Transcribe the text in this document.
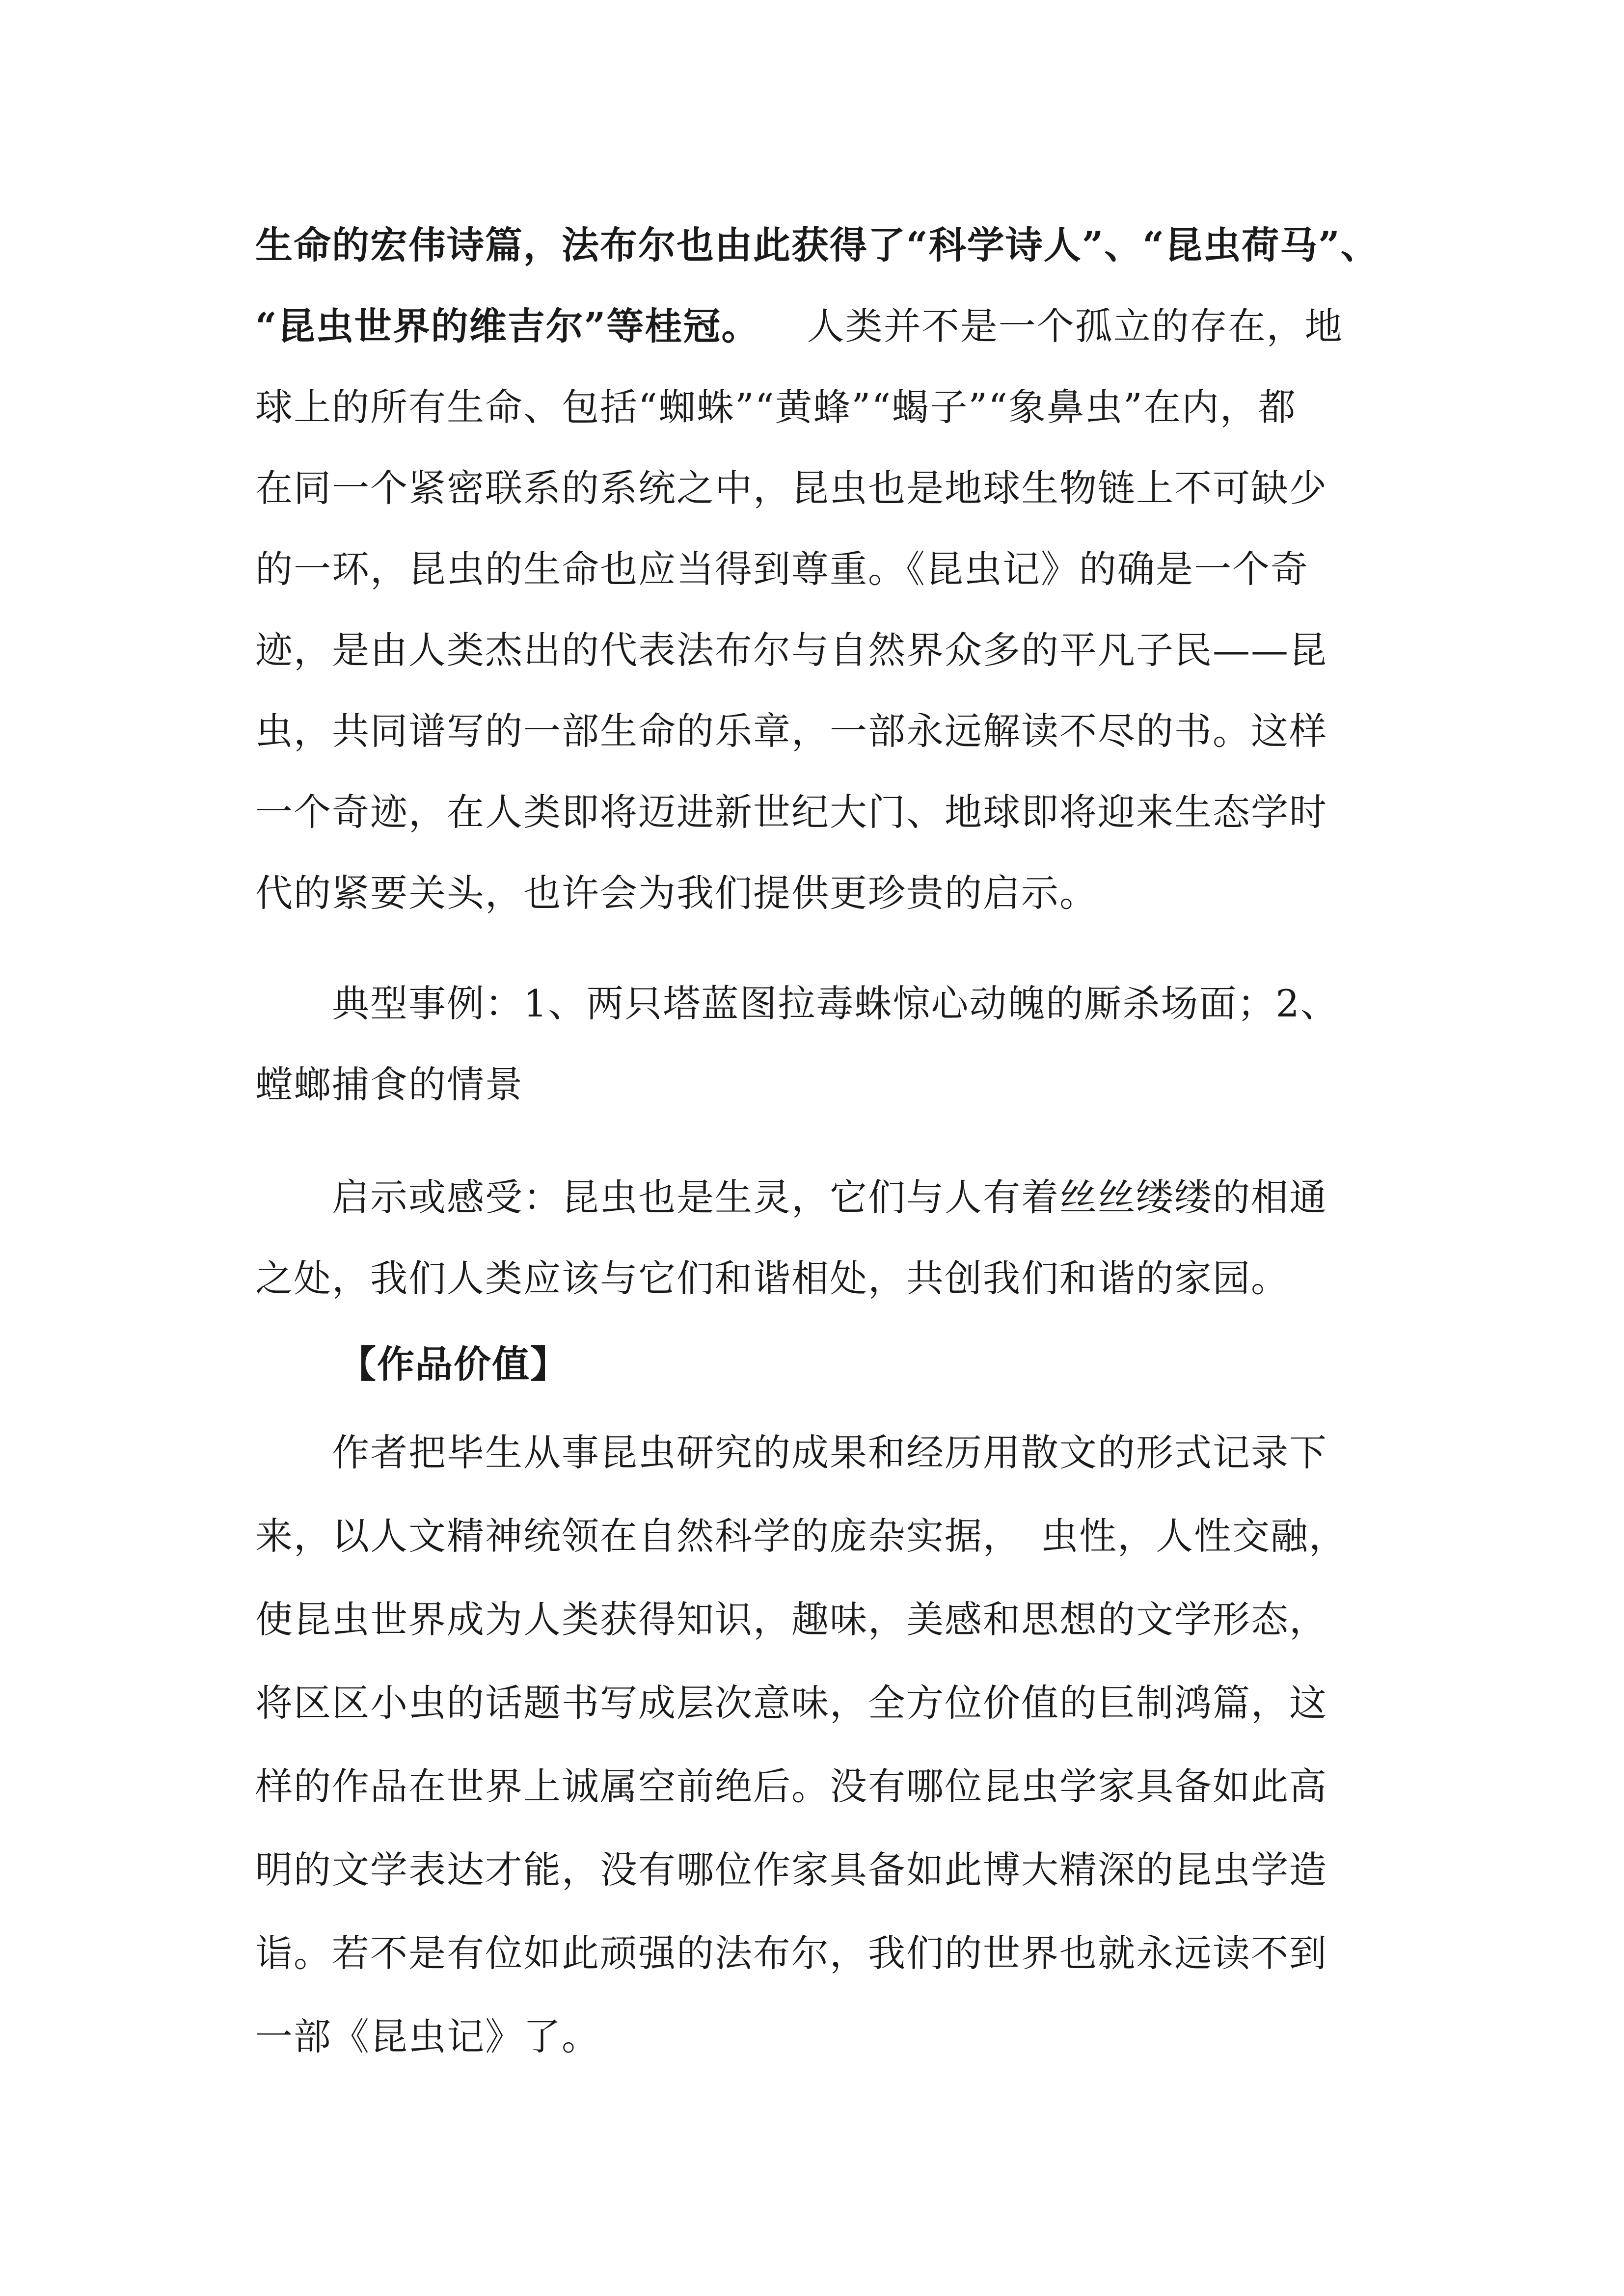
生命的宏伟诗篇，法布尔也由此获得了“科学诗人”、“昆虫荷马”、
“昆虫世界的维吉尔”等桂冠。 人类并不是一个孤立的存在，地
球上的所有生命、包括“蜘蛛”“黄蜂”“蝎子”“象鼻虫”在内，都
在同一个紧密联系的系统之中，昆虫也是地球生物链上不可缺少
的一环，昆虫的生命也应当得到尊重。《昆虫记》的确是一个奇
迹，是由人类杰出的代表法布尔与自然界众多的平凡子民——昆
虫，共同谱写的一部生命的乐章，一部永远解读不尽的书。这样
一个奇迹，在人类即将迈进新世纪大门、地球即将迎来生态学时
代的紧要关头，也许会为我们提供更珍贵的启示。
典型事例：1、两只塔蓝图拉毒蛛惊心动魄的厮杀场面；2、
螳螂捕食的情景
启示或感受：昆虫也是生灵，它们与人有着丝丝缕缕的相通
之处，我们人类应该与它们和谐相处，共创我们和谐的家园。
【作品价值】
作者把毕生从事昆虫研究的成果和经历用散文的形式记录下
来，以人文精神统领在自然科学的庞杂实据，　虫性，人性交融，
使昆虫世界成为人类获得知识，趣味，美感和思想的文学形态，
将区区小虫的话题书写成层次意味，全方位价值的巨制鸿篇，这
样的作品在世界上诚属空前绝后。没有哪位昆虫学家具备如此高
明的文学表达才能，没有哪位作家具备如此博大精深的昆虫学造
诣。若不是有位如此顽强的法布尔，我们的世界也就永远读不到
一部《昆虫记》了。
